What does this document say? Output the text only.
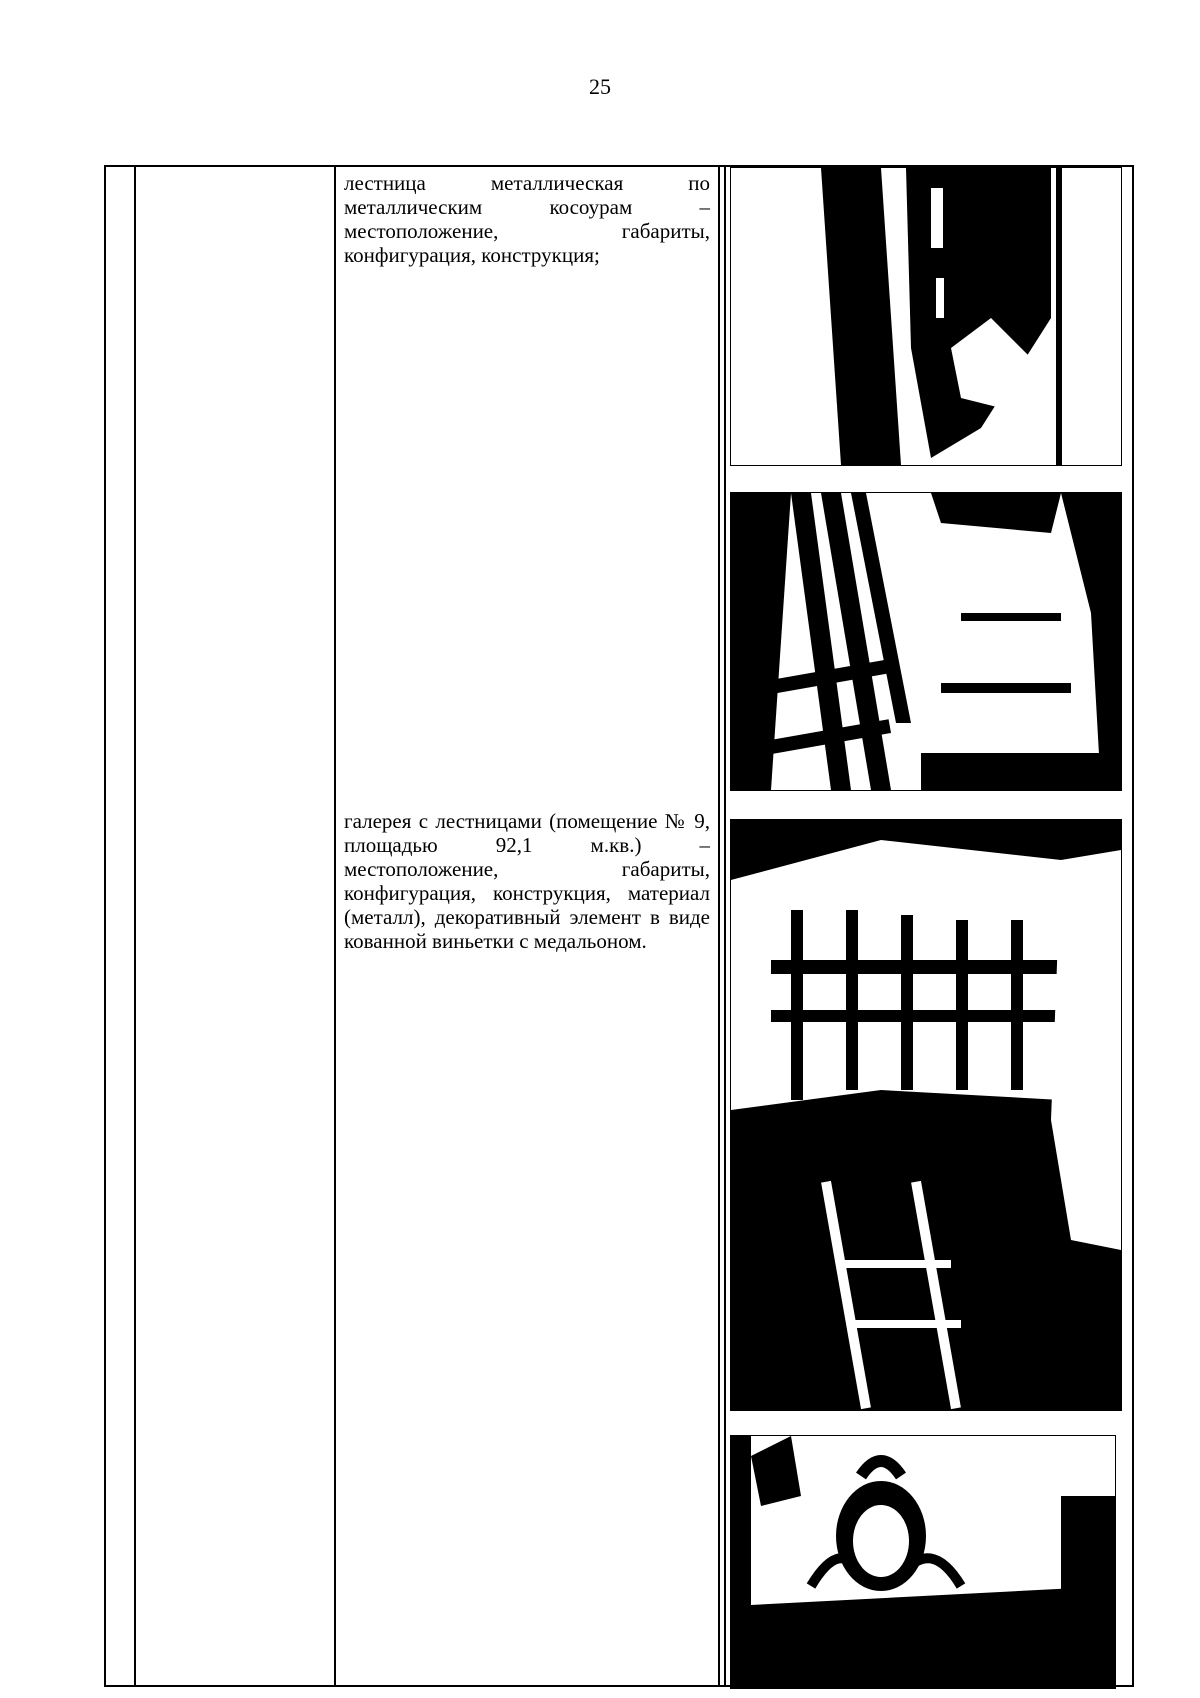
25
лестница металлическая по металлическим косоурам – местоположение, габариты, конфигурация, конструкция;
галерея с лестницами (помещение № 9, площадью 92,1 м.кв.) – местоположение, габариты, конфигурация, конструкция, материал (металл), декоративный элемент в виде кованной виньетки с медальоном.
